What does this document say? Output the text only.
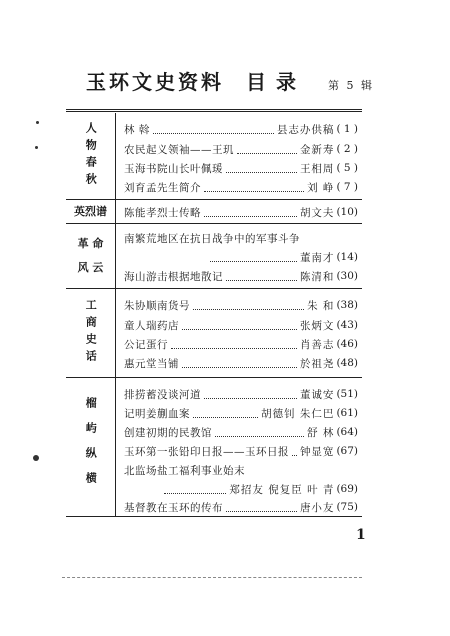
玉环文史资料 目录 第 5 辑
人物春秋	林 斡	县志办供稿 ( 1 )
农民起义领袖——王玑	金新寿 ( 2 )
玉海书院山长叶佩瑗	王相周 ( 5 )
刘育孟先生简介	刘 峥 ( 7 )
英烈谱 陈能孝烈士传略	胡文夫 (10)
革 命
风 云
南繁荒地区在抗日战争中的军事斗争
董南才 (14)
海山游击根据地散记	陈清和 (30)
工商史话	朱协顺南货号	朱 和 (38)
童人瑞药店	张炳文 (43)
公记蛋行	肖善志 (46)
惠元堂当铺	於祖尧 (48)
榴屿纵横
排捞蓄没谈河道	董诚安 (51)
记明姜蒯血案	胡德钊 朱仁巴 (61)
创建初期的民教馆	舒 林 (64)
玉环第一张铅印日报——玉环日报 钟显宽 (67)
北监场盐工福利事业始末
郑招友 倪复臣 叶 青 (69)
基督教在玉环的传布	唐小友 (75)
1
